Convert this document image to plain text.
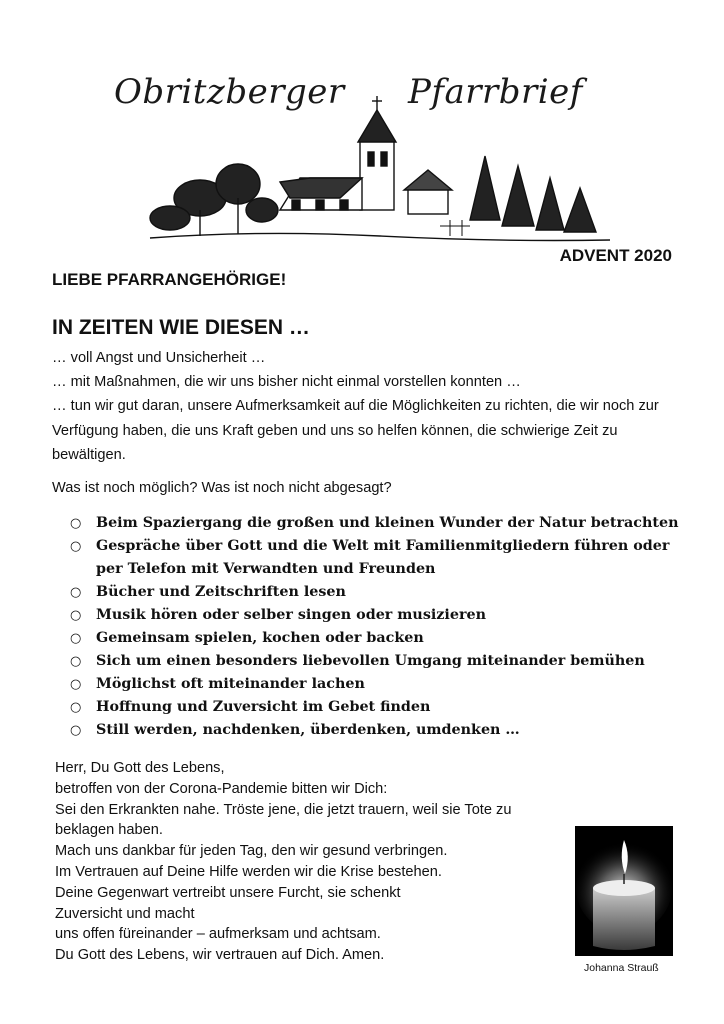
Obritzberger Pfarrbrief
ADVENT 2020
LIEBE PFARRANGEHÖRIGE!
IN ZEITEN WIE DIESEN …

… voll Angst und Unsicherheit …

… mit Maßnahmen, die wir uns bisher nicht einmal vorstellen konnten …

… tun wir gut daran, unsere Aufmerksamkeit auf die Möglichkeiten zu richten, die wir noch zur Verfügung haben, die uns Kraft geben und uns so helfen können, die schwierige Zeit zu bewältigen.

Was ist noch möglich? Was ist noch nicht abgesagt?
○ Beim Spaziergang die großen und kleinen Wunder der Natur betrachten
○ Gespräche über Gott und die Welt mit Familienmitgliedern führen oder per Telefon mit Verwandten und Freunden
○ Bücher und Zeitschriften lesen
○ Musik hören oder selber singen oder musizieren
○ Gemeinsam spielen, kochen oder backen
○ Sich um einen besonders liebevollen Umgang miteinander bemühen
○ Möglichst oft miteinander lachen
○ Hoffnung und Zuversicht im Gebet finden
○ Still werden, nachdenken, überdenken, umdenken …
Herr, Du Gott des Lebens,
betroffen von der Corona-Pandemie bitten wir Dich:
Sei den Erkrankten nahe. Tröste jene, die jetzt trauern, weil sie Tote zu
beklagen haben.
Mach uns dankbar für jeden Tag, den wir gesund verbringen.
Im Vertrauen auf Deine Hilfe werden wir die Krise bestehen.
Deine Gegenwart vertreibt unsere Furcht, sie schenkt
Zuversicht und macht
uns offen füreinander – aufmerksam und achtsam.
Du Gott des Lebens, wir vertrauen auf Dich. Amen.
Johanna Strauß
